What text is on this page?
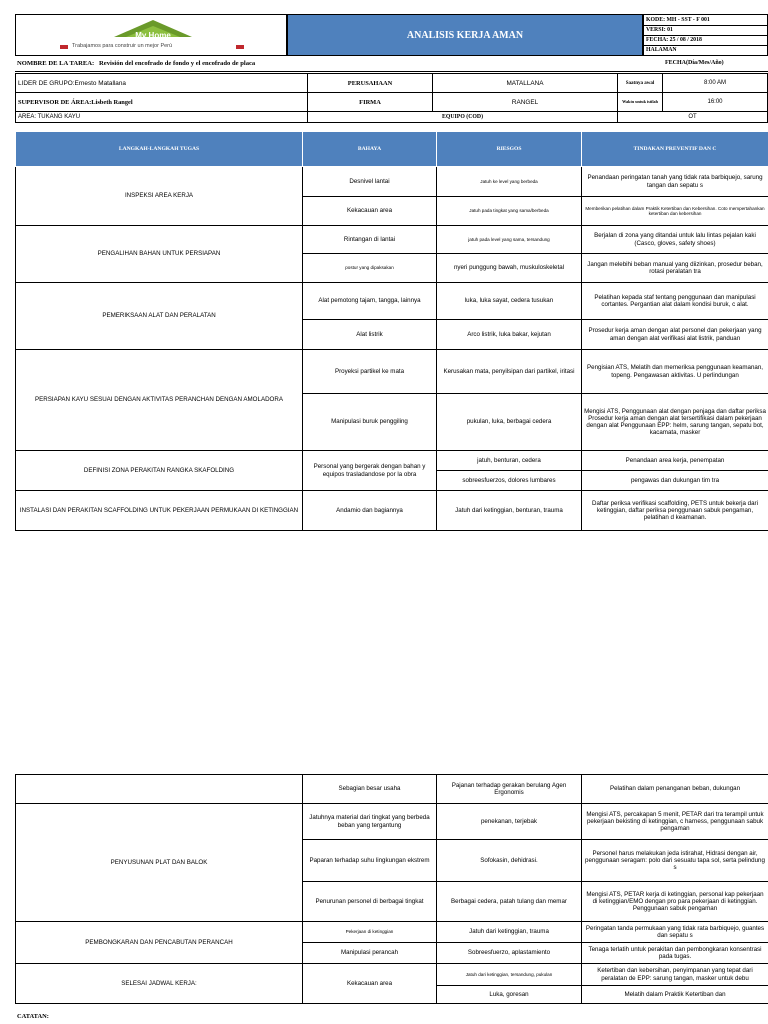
My Home
Trabajamos para construir un mejor Perú
ANALISIS KERJA AMAN
KODE: MH - SST - F 001
VERSI: 01
FECHA: 25 / 08 / 2018
HALAMAN
NOMBRE DE LA TAREA: Revisión del encofrado de fondo y el encofrado de placa	FECHA(Día/Mes/Año)
LIDER DE GRUPO:Ernesto Matallana	PERUSAHAAN	MATALLANA	Saatnya awal	8:00 AM
SUPERVISOR DE ÁREA:Lisbeth Rangel	FIRMA	RANGEL	Waktu untuk istilah	16:00
AREA: TUKANG KAYU	EQUIPO (COD)		OT	
LANGKAH-LANGKAH TUGAS	BAHAYA	RIESGOS	TINDAKAN PREVENTIF DAN C
INSPEKSI AREA KERJA	Desnivel lantai	Jatuh ke level yang berbeda	Penandaan peringatan tanah yang tidak rata barbiquejo, sarung tangan dan sepatu s
	Kekacauan area	Jatuh pada tingkat yang sama/berbeda	Memberikan pelatihan dalam Praktik Ketertiban dan Kebersihan. Coto mempertahankan ketertiban dan kebersihan
PENGALIHAN BAHAN UNTUK PERSIAPAN	Rintangan di lantai	jatuh pada level yang sama, tersandung	Berjalan di zona yang ditandai untuk lalu lintas pejalan kaki (Casco, gloves, safety shoes)
	postur yang dipaksakan	nyeri punggung bawah, muskuloskeletal	Jangan melebihi beban manual yang diizinkan, prosedur beban, rotasi peralatan tra
PEMERIKSAAN ALAT DAN PERALATAN	Alat pemotong tajam, tangga, lainnya	luka, luka sayat, cedera tusukan	Pelatihan kepada staf tentang penggunaan dan manipulasi cortantes. Pergantian alat dalam kondisi buruk, c alat.
	Alat listrik	Arco listrik, luka bakar, kejutan	Prosedur kerja aman dengan alat personel dan pekerjaan yang aman dengan alat verifikasi alat listrik, panduan
PERSIAPAN KAYU SESUAI DENGAN AKTIVITAS PERANCHAN DENGAN AMOLADORA	Proyeksi partikel ke mata	Kerusakan mata, penyilsipan dari partikel, iritasi	Pengisian ATS, Melatih dan memeriksa penggunaan keamanan, topeng. Pengawasan aktivitas. U perlindungan
	Manipulasi buruk penggiling	pukulan, luka, berbagai cedera	Mengisi ATS, Penggunaan alat dengan penjaga dan daftar periksa Prosedur kerja aman dengan alat tersertifikasi dalam pekerjaan dengan alat Penggunaan EPP: helm, sarung tangan, sepatu bot, kacamata, masker
DEFINISI ZONA PERAKITAN RANGKA SKAFOLDING	Personal yang bergerak dengan bahan y equipos trasladandose por la obra	jatuh, benturan, cedera	Penandaan area kerja, penempatan
		sobreesfuerzos, dolores lumbares	pengawas dan dukungan tim tra
INSTALASI DAN PERAKITAN SCAFFOLDING UNTUK PEKERJAAN PERMUKAAN DI KETINGGIAN	Andamio dan bagiannya	Jatuh dari ketinggian, benturan, trauma	Daftar periksa verifikasi scaffolding, PETS untuk bekerja dari ketinggian, daftar periksa penggunaan sabuk pengaman, pelatihan d keamanan.
	Sebagian besar usaha	Pajanan terhadap gerakan berulang Agen Ergonomis	Pelatihan dalam penanganan beban, dukungan
PENYUSUNAN PLAT DAN BALOK	Jatuhnya material dari tingkat yang berbeda beban yang tergantung	penekanan, terjebak	Mengisi ATS, percakapan 5 menit, PETAR dari tra terampil untuk pekerjaan bekisting di ketinggian, c harness, penggunaan sabuk pengaman
	Paparan terhadap suhu lingkungan ekstrem	Sofokasin, dehidrasi.	Personel harus melakukan jeda istirahat, Hidrasi dengan air, penggunaan seragam: polo dari sesuatu tapa sol, serta pelindung s
	Penurunan personel di berbagai tingkat	Berbagai cedera, patah tulang dan memar	Mengisi ATS, PETAR kerja di ketinggian, personal kap pekerjaan di ketinggian/EMO dengan pro para pekerjaan di ketinggian. Penggunaan sabuk pengaman
PEMBONGKARAN DAN PENCABUTAN PERANCAH	Pekerjaan di ketinggian	Jatuh dari ketinggian, trauma	Peringatan tanda permukaan yang tidak rata barbiquejo, guantes dan sepatu s
	Manipulasi perancah	Sobreesfuerzo, aplastamiento	Tenaga terlatih untuk perakitan dan pembongkaran konsentrasi pada tugas.
SELESAI JADWAL KERJA:	Kekacauan area	Jatuh dari ketinggian, tersandung, pukulan	Ketertiban dan kebersihan, penyimpanan yang tepat dari peralatan de EPP: sarung tangan, masker untuk debu
		Luka, goresan	Melatih dalam Praktik Ketertiban dan
CATATAN:
